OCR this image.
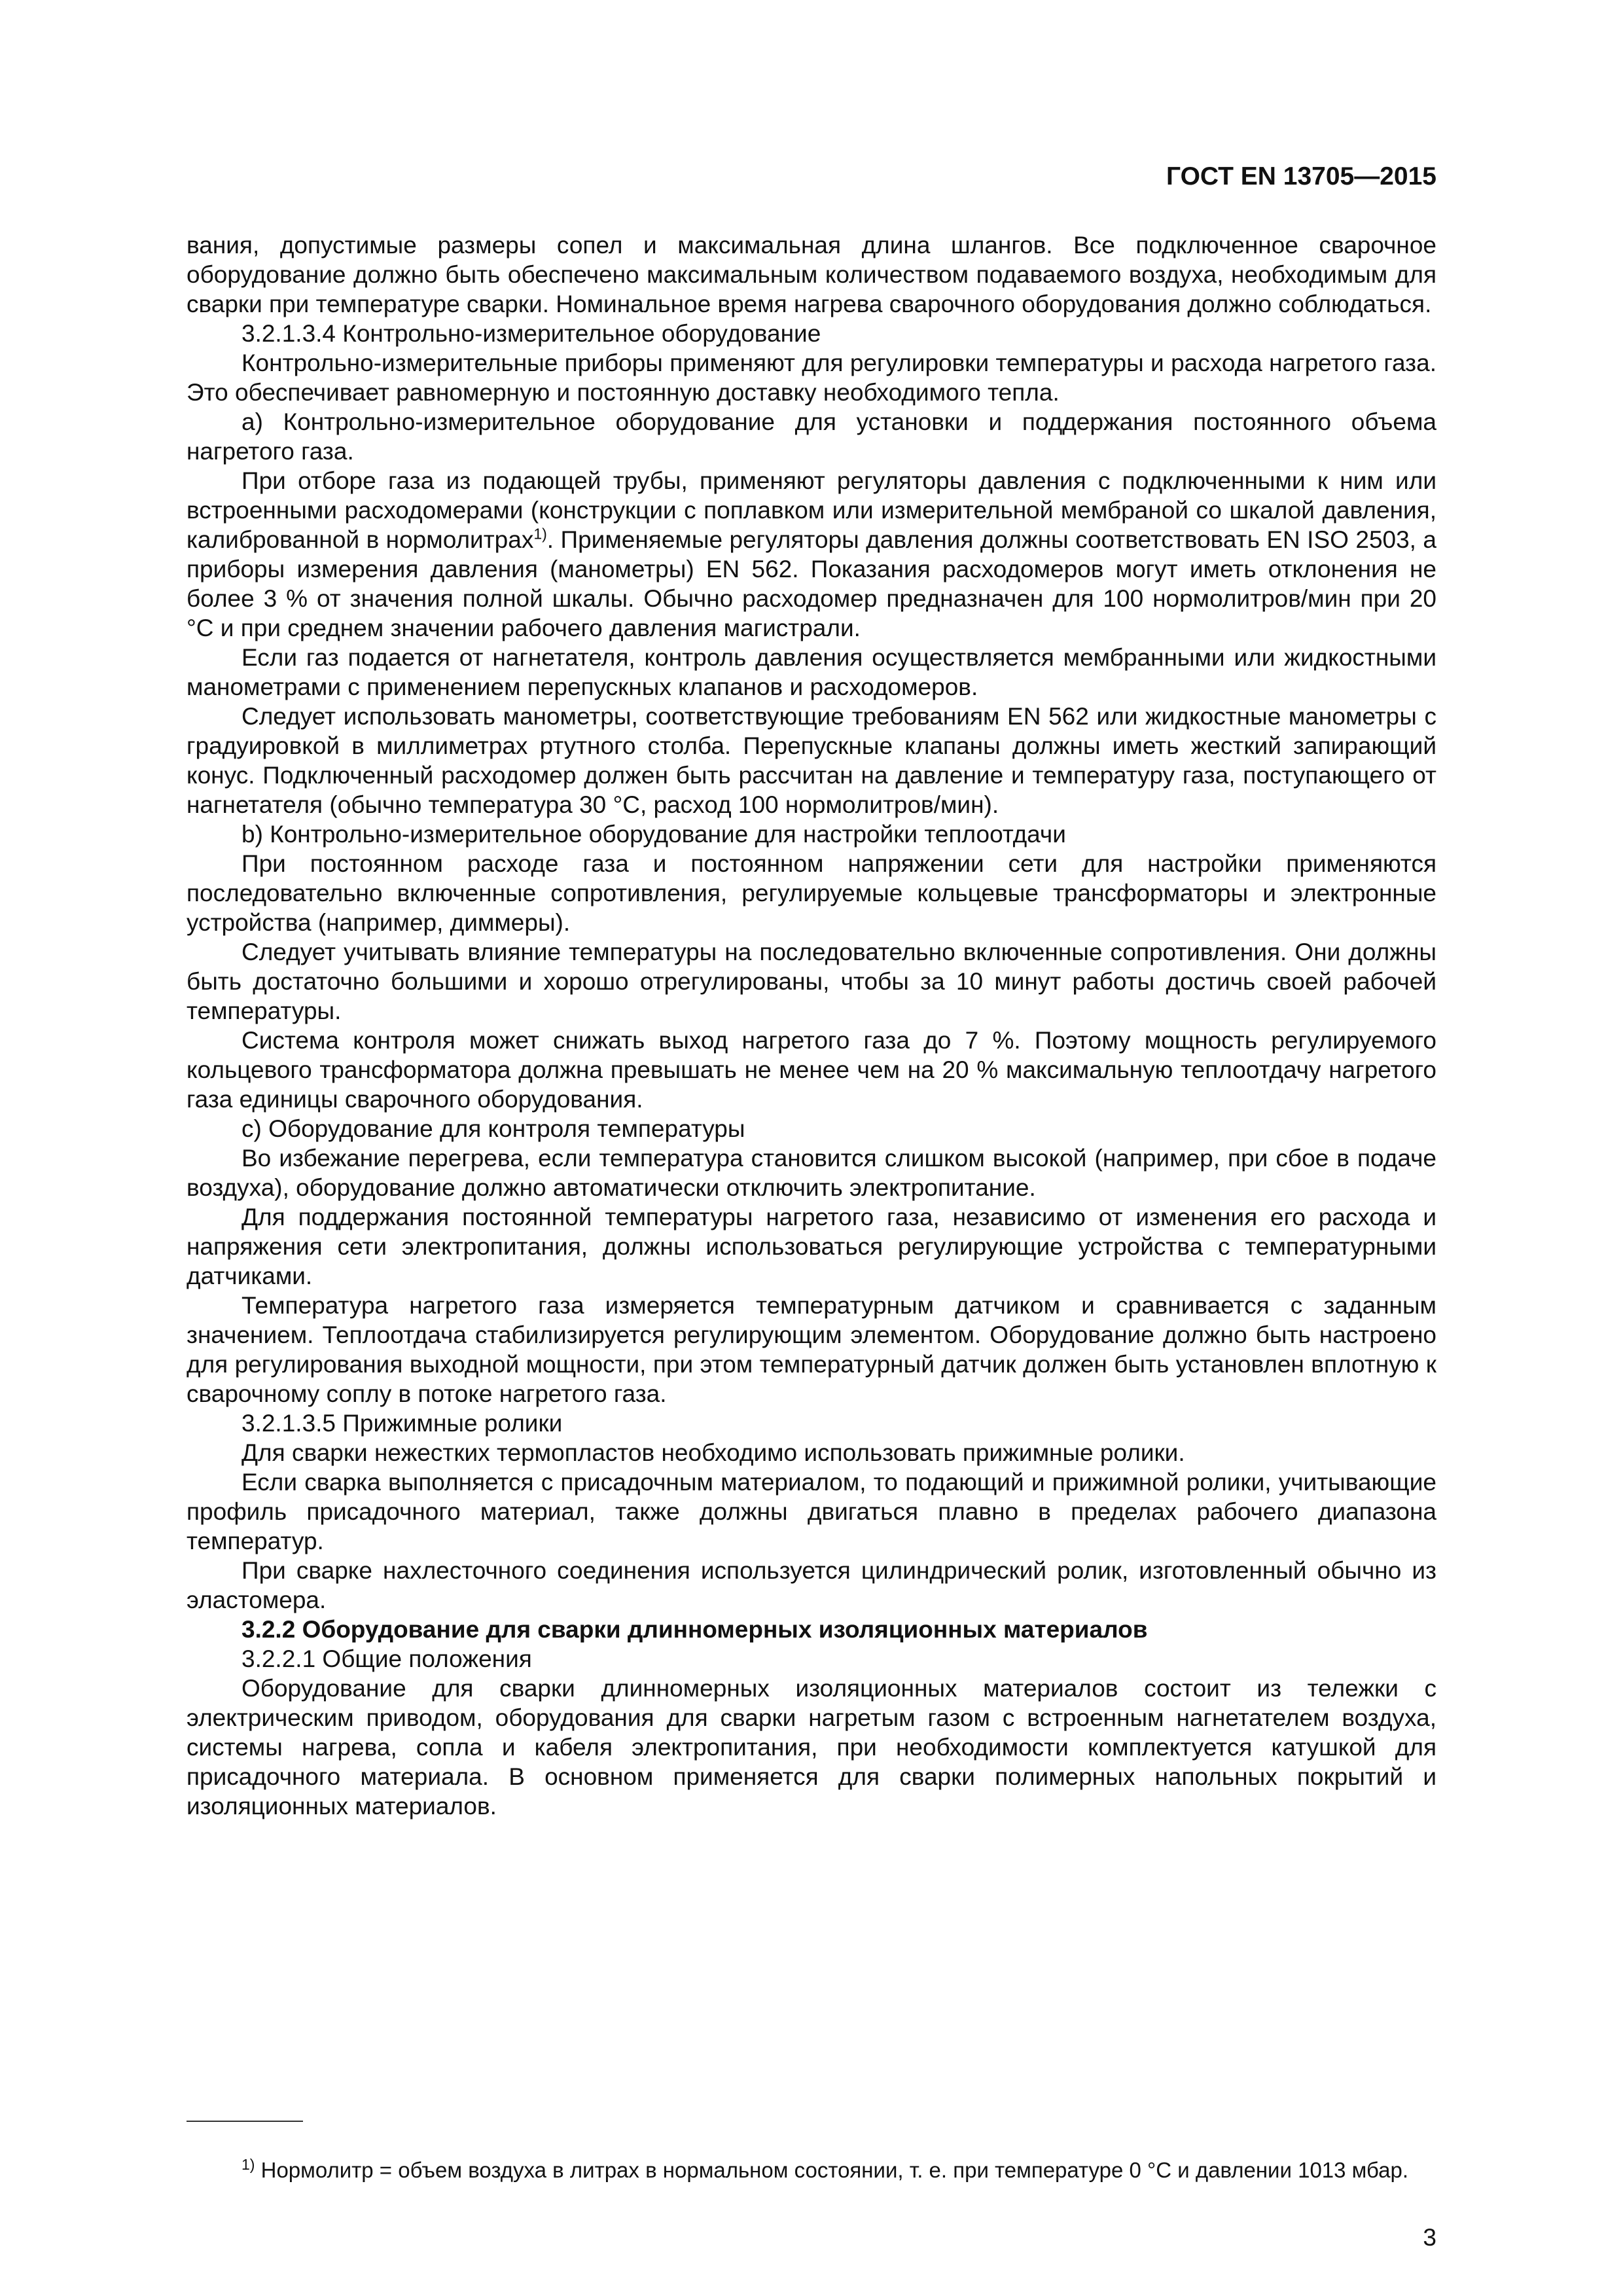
ГОСТ EN 13705—2015

вания, допустимые размеры сопел и максимальная длина шлангов. Все подключенное сварочное оборудование должно быть обеспечено максимальным количеством подаваемого воздуха, необходимым для сварки при температуре сварки. Номинальное время нагрева сварочного оборудования должно соблюдаться.

3.2.1.3.4 Контрольно-измерительное оборудование

Контрольно-измерительные приборы применяют для регулировки температуры и расхода нагретого газа. Это обеспечивает равномерную и постоянную доставку необходимого тепла.

а) Контрольно-измерительное оборудование для установки и поддержания постоянного объема нагретого газа.

При отборе газа из подающей трубы, применяют регуляторы давления с подключенными к ним или встроенными расходомерами (конструкции с поплавком или измерительной мембраной со шкалой давления, калиброванной в нормолитрах$^{1)}$. Применяемые регуляторы давления должны соответствовать EN ISO 2503, а приборы измерения давления (манометры) EN 562. Показания расходомеров могут иметь отклонения не более 3 % от значения полной шкалы. Обычно расходомер предназначен для 100 нормолитров/мин при 20 °C и при среднем значении рабочего давления магистрали.

Если газ подается от нагнетателя, контроль давления осуществляется мембранными или жидкостными манометрами с применением перепускных клапанов и расходомеров.

Следует использовать манометры, соответствующие требованиям EN 562 или жидкостные манометры с градуировкой в миллиметрах ртутного столба. Перепускные клапаны должны иметь жесткий запирающий конус. Подключенный расходомер должен быть рассчитан на давление и температуру газа, поступающего от нагнетателя (обычно температура 30 °C, расход 100 нормолитров/мин).

b) Контрольно-измерительное оборудование для настройки теплоотдачи

При постоянном расходе газа и постоянном напряжении сети для настройки применяются последовательно включенные сопротивления, регулируемые кольцевые трансформаторы и электронные устройства (например, диммеры).

Следует учитывать влияние температуры на последовательно включенные сопротивления. Они должны быть достаточно большими и хорошо отрегулированы, чтобы за 10 минут работы достичь своей рабочей температуры.

Система контроля может снижать выход нагретого газа до 7 %. Поэтому мощность регулируемого кольцевого трансформатора должна превышать не менее чем на 20 % максимальную теплоотдачу нагретого газа единицы сварочного оборудования.

с) Оборудование для контроля температуры

Во избежание перегрева, если температура становится слишком высокой (например, при сбое в подаче воздуха), оборудование должно автоматически отключить электропитание.

Для поддержания постоянной температуры нагретого газа, независимо от изменения его расхода и напряжения сети электропитания, должны использоваться регулирующие устройства с температурными датчиками.

Температура нагретого газа измеряется температурным датчиком и сравнивается с заданным значением. Теплоотдача стабилизируется регулирующим элементом. Оборудование должно быть настроено для регулирования выходной мощности, при этом температурный датчик должен быть установлен вплотную к сварочному соплу в потоке нагретого газа.

3.2.1.3.5 Прижимные ролики

Для сварки нежестких термопластов необходимо использовать прижимные ролики.

Если сварка выполняется с присадочным материалом, то подающий и прижимной ролики, учитывающие профиль присадочного материал, также должны двигаться плавно в пределах рабочего диапазона температур.

При сварке нахлесточного соединения используется цилиндрический ролик, изготовленный обычно из эластомера.

3.2.2 Оборудование для сварки длинномерных изоляционных материалов

3.2.2.1 Общие положения

Оборудование для сварки длинномерных изоляционных материалов состоит из тележки с электрическим приводом, оборудования для сварки нагретым газом с встроенным нагнетателем воздуха, системы нагрева, сопла и кабеля электропитания, при необходимости комплектуется катушкой для присадочного материала. В основном применяется для сварки полимерных напольных покрытий и изоляционных материалов.

$^{1)}$ Нормолитр = объем воздуха в литрах в нормальном состоянии, т. е. при температуре 0 °С и давлении 1013 мбар.

3
